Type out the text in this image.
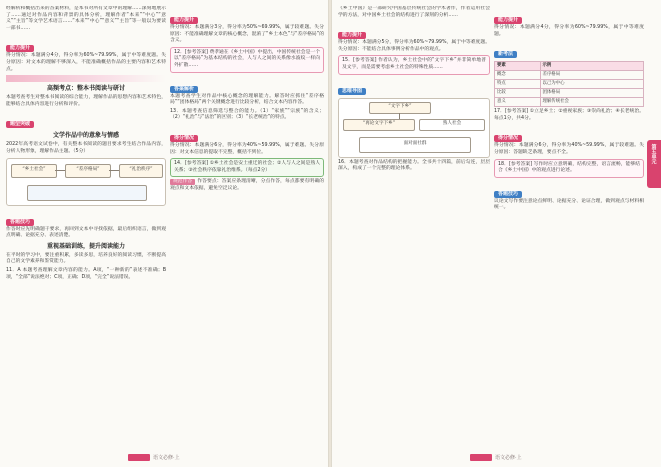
经解析和概括出来的答案材料，是本书对所有文章中的理解……深刻地展示了……通过对作品内容和背景的具体分析，理解作者“本来”“中心”“意义”“主旨”等文学艺术语言……“本来”“中心”“意义”“主旨”等一般以为要读一部书……

能力提升

得分情况：本题满分4分，得分率为60%~79.99%，属于中等难度题。失分原因：对文本的理解不够深入，不能准确概括作品的主要内容和艺术特点。

高频考点：整本书阅读与研讨

本题考查考生对整本书阅读的综合能力，理解作品的思想内容和艺术特色，能够结合具体内容进行分析和评价。

题型突破
文学作品中的意象与情感

2022年高考语文试卷中，有关整本书阅读的题目要求考生结合作品内容，分析人物形象，理解作品主题。（5分）

“乡土社会”	“差序格局”	“礼治秩序”
答题技巧

作答时应先明确题干要求，再回到文本中寻找依据，最后组织语言，做到观点明确、论据充分、表述清楚。

重视基础训练，提升阅读能力

在平时的学习中，要注重积累，多读多思，培养良好的阅读习惯，不断提高自己的文学素养和鉴赏能力。

11．A 本题考查理解文章内容的能力。A项，“一种新的”表述不准确；B项，“全部”说法绝对；C项，正确；D项，“完全”说法错误。

能力提升

得分情况：本题满分3分，得分率为50%~69.99%，属于较难题。失分原因：不能准确理解文章的核心概念，混淆了“乡土本色”与“差序格局”的含义。

12．[参考答案] 费孝通在《乡土中国》中提出，中国传统社会是一个以“差序格局”为基本结构的社会，人与人之间的关系像水波纹一样向外扩散……

答案解析

本题考查学生对作品中核心概念的理解能力。解答时应抓住“差序格局”“团体格局”两个关键概念进行比较分析，结合文本内容作答。

13．本题考查信息筛选与整合的能力。（1）“家族”“宗族”的含义；（2）“礼治”与“法治”的区别；（3）“长老统治”的特点。

得分情况

得分情况：本题满分6分，得分率为40%~59.99%，属于难题。失分原因：对文本信息的提取不完整，概括不到位。

14．[参考答案] ①乡土社会是安土重迁的社会；②人与人之间是熟人关系；③社会秩序依靠礼治维系。（每点2分）

规范作答 作答要点：答案应条理清晰，分点作答，每点都要有明确的观点和文本依据，避免空泛议论。

语文必修·上

《乡土中国》是一部研究中国基层传统社会的学术著作，作者运用社会学的方法，对中国乡土社会的结构进行了深刻的分析……

能力提升

得分情况：本题满分5分，得分率为60%~79.99%，属于中等难度题。失分原因：不能结合具体事例分析作品中的观点。

15．[参考答案] 作者认为，乡土社会中的“文字下乡”并非简单地普及文字，而是需要考虑乡土社会的特殊性质……

思维导图
“文字下乡”
“再论文字下乡”	熟人社会
面对面社群

16．本题考查对作品结构的把握能力。全书共十四篇，前后勾连，层层深入，构成了一个完整的理论体系。

能力提升

得分情况：本题满分4分，得分率为60%~79.99%，属于中等难度题。

新考法
要素	示例
概念	差序格局
特点	以己为中心
比较	团体格局
意义	理解传统社会

17．[参考答案] ①立足乡土；②重视家族；③崇尚礼治；④长老统治。每点1分，共4分。

得分情况

得分情况：本题满分6分，得分率为40%~59.99%，属于较难题。失分原因：答题缺乏条理，要点不全。

18．[参考答案] 写作时应立意明确，结构完整，语言流畅，能够结合《乡土中国》中的观点进行论述。

答题技巧

议论文写作要注意论点鲜明、论据充分、论证合理，做到观点与材料相统一。

第五单元
语文必修·上
